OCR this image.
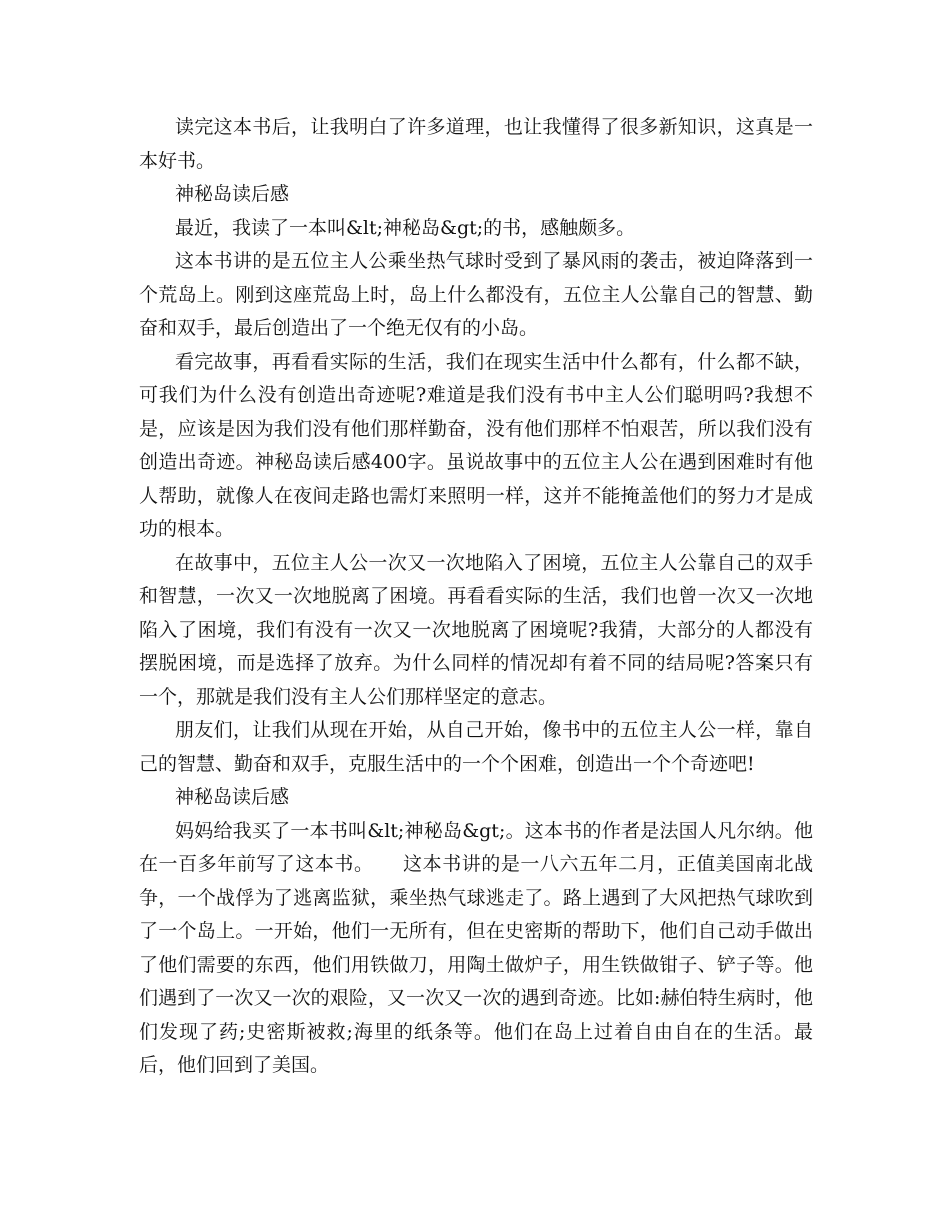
读完这本书后，让我明白了许多道理，也让我懂得了很多新知识，这真是一本好书。

神秘岛读后感

最近，我读了一本叫&lt;神秘岛&gt;的书，感触颇多。

这本书讲的是五位主人公乘坐热气球时受到了暴风雨的袭击，被迫降落到一个荒岛上。刚到这座荒岛上时，岛上什么都没有，五位主人公靠自己的智慧、勤奋和双手，最后创造出了一个绝无仅有的小岛。

看完故事，再看看实际的生活，我们在现实生活中什么都有，什么都不缺，可我们为什么没有创造出奇迹呢?难道是我们没有书中主人公们聪明吗?我想不是，应该是因为我们没有他们那样勤奋，没有他们那样不怕艰苦，所以我们没有创造出奇迹。神秘岛读后感400字。虽说故事中的五位主人公在遇到困难时有他人帮助，就像人在夜间走路也需灯来照明一样，这并不能掩盖他们的努力才是成功的根本。

在故事中，五位主人公一次又一次地陷入了困境，五位主人公靠自己的双手和智慧，一次又一次地脱离了困境。再看看实际的生活，我们也曾一次又一次地陷入了困境，我们有没有一次又一次地脱离了困境呢?我猜，大部分的人都没有摆脱困境，而是选择了放弃。为什么同样的情况却有着不同的结局呢?答案只有一个，那就是我们没有主人公们那样坚定的意志。

朋友们，让我们从现在开始，从自己开始，像书中的五位主人公一样，靠自己的智慧、勤奋和双手，克服生活中的一个个困难，创造出一个个奇迹吧!

神秘岛读后感

妈妈给我买了一本书叫&lt;神秘岛&gt;。这本书的作者是法国人凡尔纳。他在一百多年前写了这本书。　　这本书讲的是一八六五年二月，正值美国南北战争，一个战俘为了逃离监狱，乘坐热气球逃走了。路上遇到了大风把热气球吹到了一个岛上。一开始，他们一无所有，但在史密斯的帮助下，他们自己动手做出了他们需要的东西，他们用铁做刀，用陶土做炉子，用生铁做钳子、铲子等。他们遇到了一次又一次的艰险，又一次又一次的遇到奇迹。比如:赫伯特生病时，他们发现了药;史密斯被救;海里的纸条等。他们在岛上过着自由自在的生活。最后，他们回到了美国。
